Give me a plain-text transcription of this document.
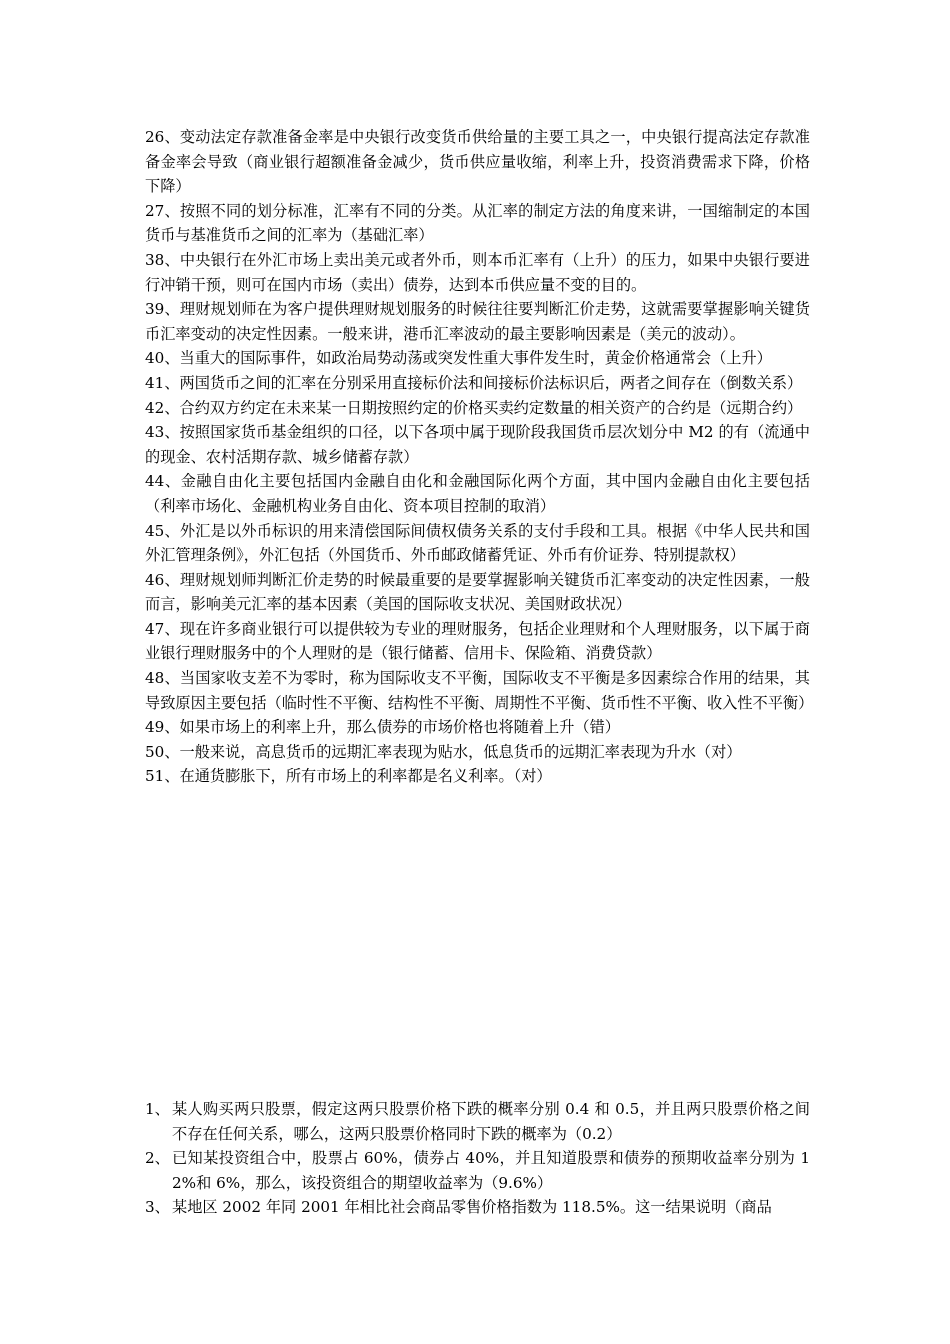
26、变动法定存款准备金率是中央银行改变货币供给量的主要工具之一，中央银行提高法定存款准备金率会导致（商业银行超额准备金减少，货币供应量收缩，利率上升，投资消费需求下降，价格下降）

27、按照不同的划分标准，汇率有不同的分类。从汇率的制定方法的角度来讲，一国缩制定的本国货币与基准货币之间的汇率为（基础汇率）

38、中央银行在外汇市场上卖出美元或者外币，则本币汇率有（上升）的压力，如果中央银行要进行冲销干预，则可在国内市场（卖出）债券，达到本币供应量不变的目的。

39、理财规划师在为客户提供理财规划服务的时候往往要判断汇价走势，这就需要掌握影响关键货币汇率变动的决定性因素。一般来讲，港币汇率波动的最主要影响因素是（美元的波动）。

40、当重大的国际事件，如政治局势动荡或突发性重大事件发生时，黄金价格通常会（上升）

41、两国货币之间的汇率在分别采用直接标价法和间接标价法标识后，两者之间存在（倒数关系）

42、合约双方约定在未来某一日期按照约定的价格买卖约定数量的相关资产的合约是（远期合约）

43、按照国家货币基金组织的口径，以下各项中属于现阶段我国货币层次划分中 M2 的有（流通中的现金、农村活期存款、城乡储蓄存款）

44、金融自由化主要包括国内金融自由化和金融国际化两个方面，其中国内金融自由化主要包括（利率市场化、金融机构业务自由化、资本项目控制的取消）

45、外汇是以外币标识的用来清偿国际间债权债务关系的支付手段和工具。根据《中华人民共和国外汇管理条例》，外汇包括（外国货币、外币邮政储蓄凭证、外币有价证券、特别提款权）

46、理财规划师判断汇价走势的时候最重要的是要掌握影响关键货币汇率变动的决定性因素，一般而言，影响美元汇率的基本因素（美国的国际收支状况、美国财政状况）

47、现在许多商业银行可以提供较为专业的理财服务，包括企业理财和个人理财服务，以下属于商业银行理财服务中的个人理财的是（银行储蓄、信用卡、保险箱、消费贷款）

48、当国家收支差不为零时，称为国际收支不平衡，国际收支不平衡是多因素综合作用的结果，其导致原因主要包括（临时性不平衡、结构性不平衡、周期性不平衡、货币性不平衡、收入性不平衡）

49、如果市场上的利率上升，那么债券的市场价格也将随着上升（错）

50、一般来说，高息货币的远期汇率表现为贴水，低息货币的远期汇率表现为升水（对）

51、在通货膨胀下，所有市场上的利率都是名义利率。（对）

1、 某人购买两只股票，假定这两只股票价格下跌的概率分别 0.4 和 0.5，并且两只股票价格之间不存在任何关系，哪么，这两只股票价格同时下跌的概率为（0.2）
2、 已知某投资组合中，股票占 60%，债券占 40%，并且知道股票和债券的预期收益率分别为 12%和 6%，那么，该投资组合的期望收益率为（9.6%）
3、 某地区 2002 年同 2001 年相比社会商品零售价格指数为 118.5%。这一结果说明（商品
